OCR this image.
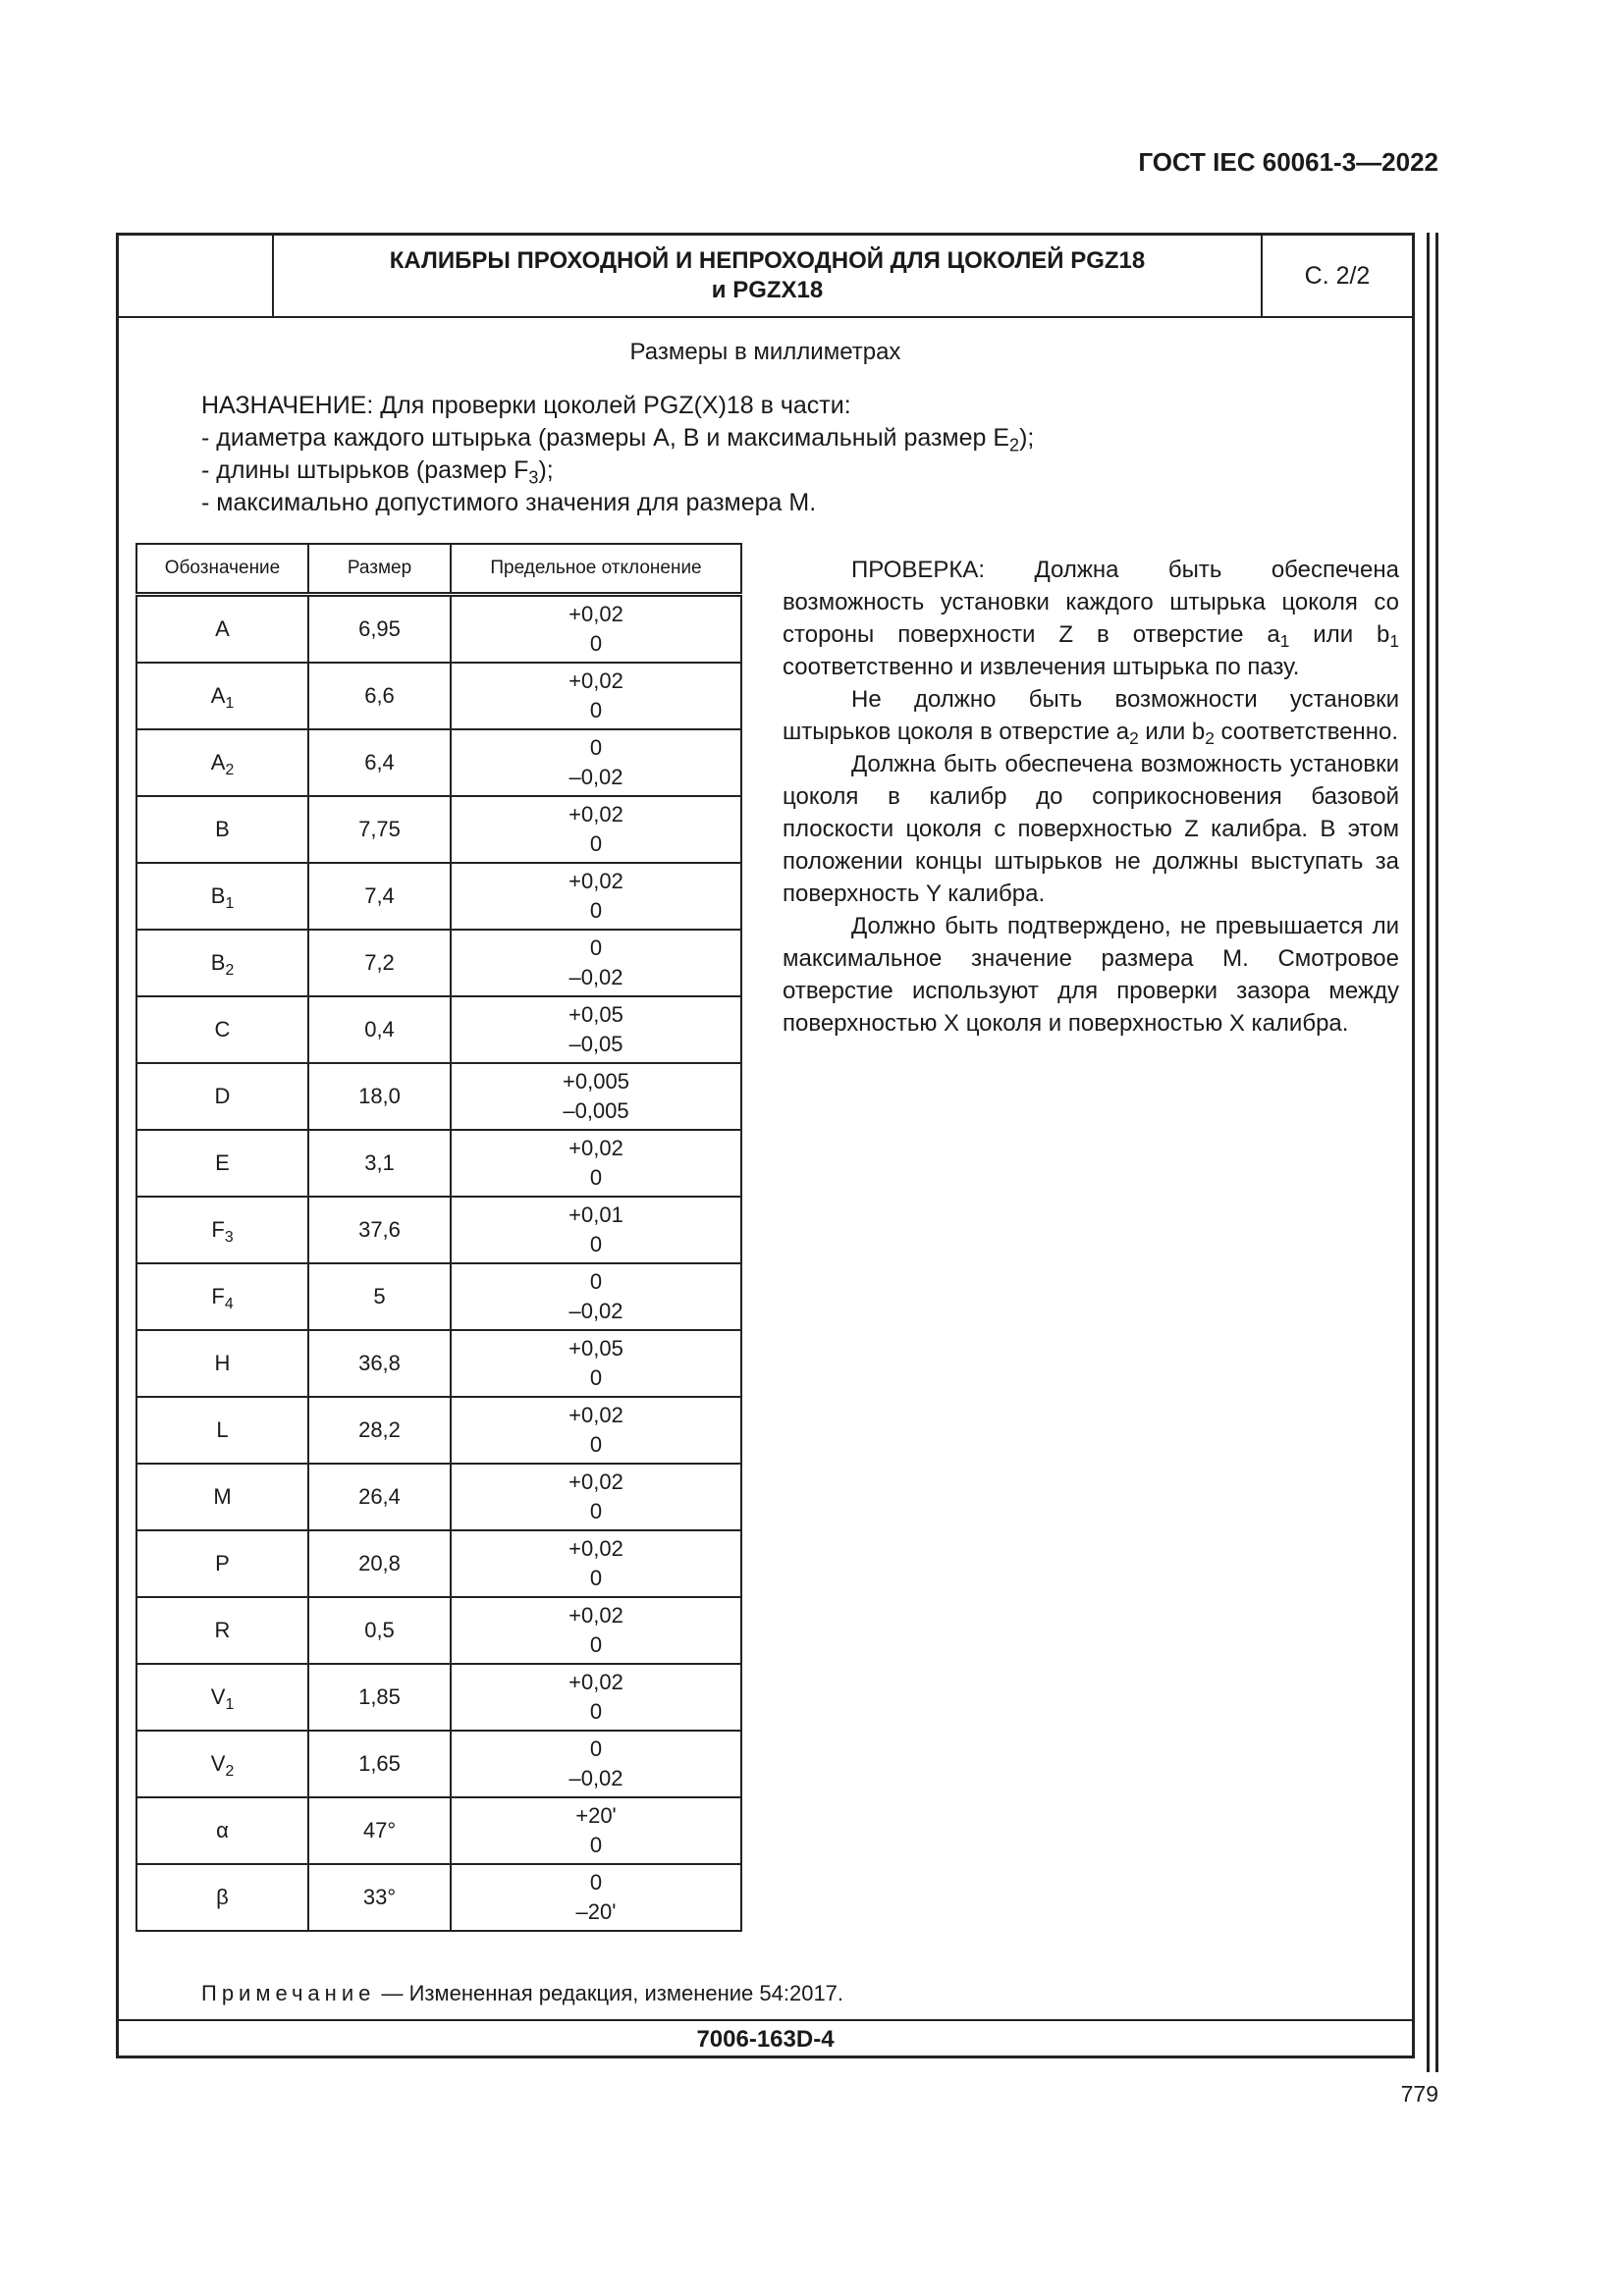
ГОСТ IEC 60061-3—2022
КАЛИБРЫ ПРОХОДНОЙ И НЕПРОХОДНОЙ ДЛЯ ЦОКОЛЕЙ PGZ18
и PGZX18
С. 2/2
Размеры в миллиметрах
НАЗНАЧЕНИЕ: Для проверки цоколей PGZ(X)18 в части:
- диаметра каждого штырька (размеры A, B и максимальный размер $E_2$);
- длины штырьков (размер $F_3$);
- максимально допустимого значения для размера M.
Обозначение	Размер	Предельное отклонение
A	6,95	+0,02
0

$A_1$	6,6	+0,02
0

$A_2$	6,4	0
–0,02

B	7,75	+0,02
0

$B_1$	7,4	+0,02
0

$B_2$	7,2	0
–0,02

C	0,4	+0,05
–0,05

D	18,0	+0,005
–0,005

E	3,1	+0,02
0

$F_3$	37,6	+0,01
0

$F_4$	5	0
–0,02

H	36,8	+0,05
0

L	28,2	+0,02
0

M	26,4	+0,02
0

P	20,8	+0,02
0

R	0,5	+0,02
0

$V_1$	1,85	+0,02
0

$V_2$	1,65	0
–0,02

α	47°	+20'
0

β	33°	0
–20'

ПРОВЕРКА: Должна быть обеспечена возможность установки каждого штырька цоколя со стороны поверхности Z в отверстие $a_1$ или $b_1$ соответственно и извлечения штырька по пазу.

Не должно быть возможности установки штырьков цоколя в отверстие $a_2$ или $b_2$ соответственно.

Должна быть обеспечена возможность установки цоколя в калибр до соприкосновения базовой плоскости цоколя с поверхностью Z калибра. В этом положении концы штырьков не должны выступать за поверхность Y калибра.

Должно быть подтверждено, не превышается ли максимальное значение размера M. Смотровое отверстие используют для проверки зазора между поверхностью X цоколя и поверхностью X калибра.

Примечание — Измененная редакция, изменение 54:2017.
7006-163D-4
779
